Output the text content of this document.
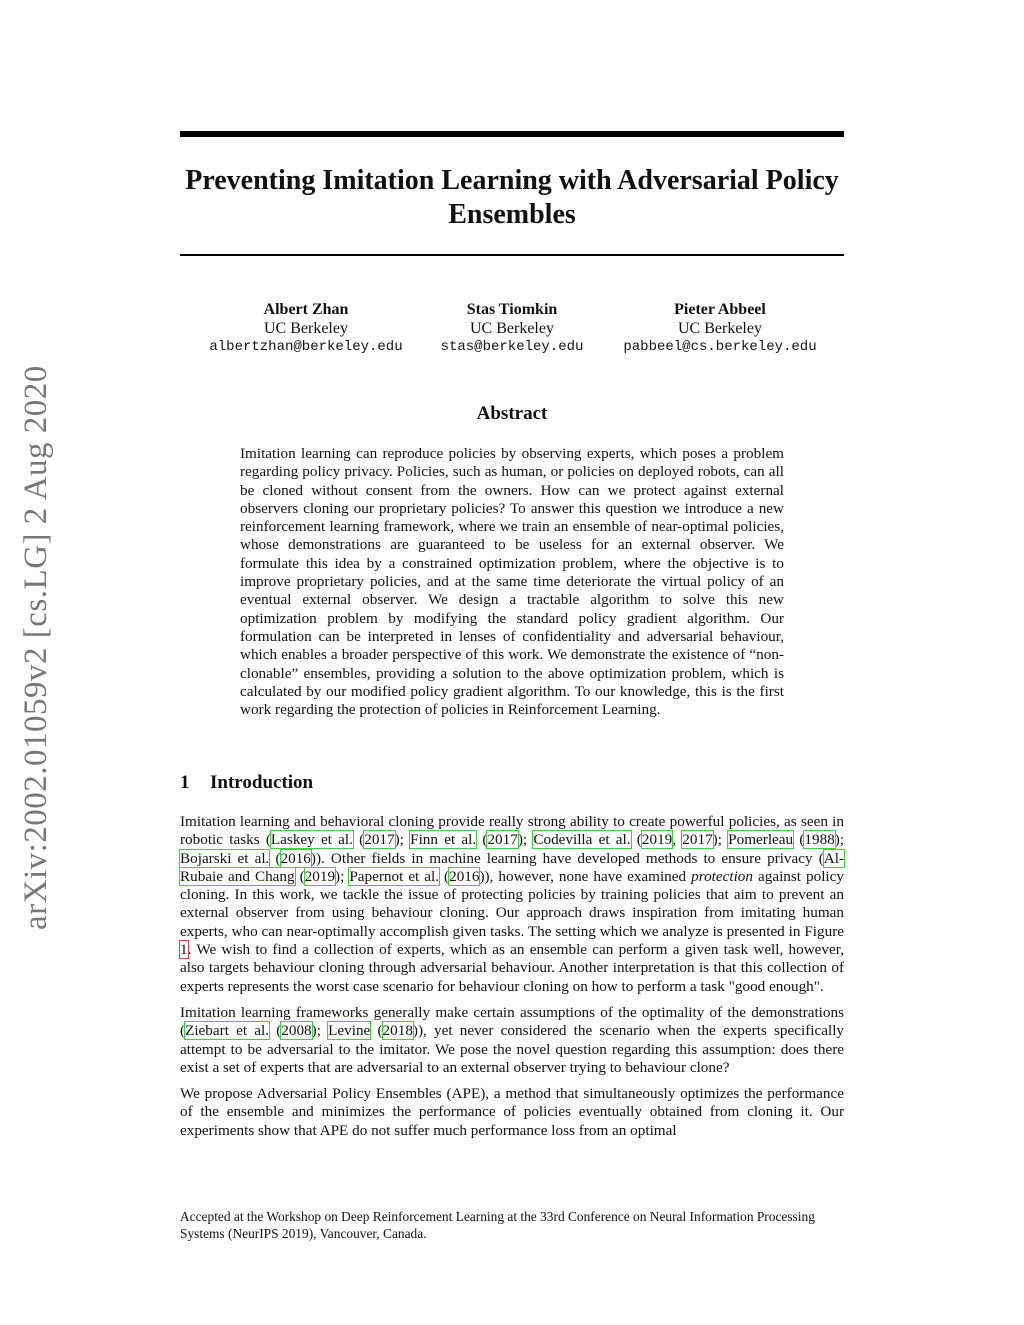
arXiv:2002.01059v2 [cs.LG] 2 Aug 2020
Preventing Imitation Learning with Adversarial Policy Ensembles
Albert Zhan
UC Berkeley
albertzhan@berkeley.edu
Stas Tiomkin
UC Berkeley
stas@berkeley.edu
Pieter Abbeel
UC Berkeley
pabbeel@cs.berkeley.edu
Abstract
Imitation learning can reproduce policies by observing experts, which poses a problem regarding policy privacy. Policies, such as human, or policies on deployed robots, can all be cloned without consent from the owners. How can we protect against external observers cloning our proprietary policies? To answer this question we introduce a new reinforcement learning framework, where we train an ensemble of near-optimal policies, whose demonstrations are guaranteed to be useless for an external observer. We formulate this idea by a constrained optimization problem, where the objective is to improve proprietary policies, and at the same time deteriorate the virtual policy of an eventual external observer. We design a tractable algorithm to solve this new optimization problem by modifying the standard policy gradient algorithm. Our formulation can be interpreted in lenses of confidentiality and adversarial behaviour, which enables a broader perspective of this work. We demonstrate the existence of “non-clonable” ensembles, providing a solution to the above optimization problem, which is calculated by our modified policy gradient algorithm. To our knowledge, this is the first work regarding the protection of policies in Reinforcement Learning.
1 Introduction

Imitation learning and behavioral cloning provide really strong ability to create powerful policies, as seen in robotic tasks (Laskey et al. (2017); Finn et al. (2017); Codevilla et al. (2019, 2017); Pomerleau (1988); Bojarski et al. (2016)). Other fields in machine learning have developed methods to ensure privacy (Al-Rubaie and Chang (2019); Papernot et al. (2016)), however, none have examined protection against policy cloning. In this work, we tackle the issue of protecting policies by training policies that aim to prevent an external observer from using behaviour cloning. Our approach draws inspiration from imitating human experts, who can near-optimally accomplish given tasks. The setting which we analyze is presented in Figure 1. We wish to find a collection of experts, which as an ensemble can perform a given task well, however, also targets behaviour cloning through adversarial behaviour. Another interpretation is that this collection of experts represents the worst case scenario for behaviour cloning on how to perform a task "good enough".

Imitation learning frameworks generally make certain assumptions of the optimality of the demonstrations (Ziebart et al. (2008); Levine (2018)), yet never considered the scenario when the experts specifically attempt to be adversarial to the imitator. We pose the novel question regarding this assumption: does there exist a set of experts that are adversarial to an external observer trying to behaviour clone?

We propose Adversarial Policy Ensembles (APE), a method that simultaneously optimizes the performance of the ensemble and minimizes the performance of policies eventually obtained from cloning it. Our experiments show that APE do not suffer much performance loss from an optimal

Accepted at the Workshop on Deep Reinforcement Learning at the 33rd Conference on Neural Information Processing Systems (NeurIPS 2019), Vancouver, Canada.
